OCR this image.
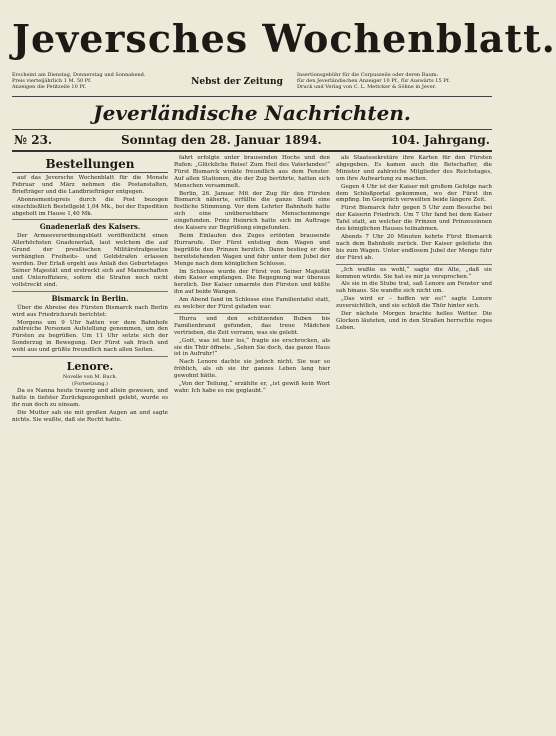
Jeversches Wochenblatt.
Erscheint am Dienstag, Donnerstag und Sonnabend.
Preis vierteljährlich 1 M. 50 Pf.
Anzeigen die Petitzeile 10 Pf.	Nebst der Zeitung
Insertionsgebühr für die Corpuszeile oder deren Raum:
für den Jeverländischen Anzeiger 10 Pf., für Auswärts 15 Pf.
Druck und Verlag von C. L. Mettcker & Söhne in Jever.
Jeverländische Nachrichten.
№ 23.	Sonntag den 28. Januar 1894.	104. Jahrgang.
Bestellungen

auf das Jeversche Wochenblatt für die Monate Februar und März nehmen die Postanstalten, Briefträger und die Landbriefträger entgegen.

Abonnementspreis durch die Post bezogen einschließlich Bestellgeld 1,04 Mk., bei der Expedition abgeholt im Hause 1,40 Mk.

Gnadenerlaß des Kaisers.

Der Armeeverordnungsblatt veröffentlicht einen Allerhöchsten Gnadenerlaß, laut welchem die auf Grund der preußischen Militärstrafgesetze verhängten Freiheits- und Geldstrafen erlassen werden. Der Erlaß ergeht aus Anlaß des Geburtstages Seiner Majestät und erstreckt sich auf Mannschaften und Unteroffiziere, sofern die Strafen noch nicht vollstreckt sind.

Bismarck in Berlin.

Über die Abreise des Fürsten Bismarck nach Berlin wird aus Friedrichsruh berichtet:

Morgens um 9 Uhr hatten vor dem Bahnhofe zahlreiche Personen Aufstellung genommen, um den Fürsten zu begrüßen. Um 11 Uhr setzte sich der Sonderzug in Bewegung. Der Fürst sah frisch und wohl aus und grüßte freundlich nach allen Seiten.

Lenore.
Novelle von M. Buch.
(Fortsetzung.)

Da es Nanna heute traurig und allein gewesen, und hatte in tiefster Zurückgezogenheit gelebt, wurde es ihr nun doch zu einsam.

Die Mutter sah sie mit großen Augen an und sagte nichts. Sie wußte, daß sie Recht hatte.

fahrt erfolgte unter brausenden Hochs und den Rufen: „Glückliche Reise! Zum Heil des Vaterlandes!“ Fürst Bismarck winkte freundlich aus dem Fenster. Auf allen Stationen, die der Zug berührte, hatten sich Menschen versammelt.

Berlin, 26. Januar. Mit der Zug für den Fürsten Bismarck näherte, erfüllte die ganze Stadt eine festliche Stimmung. Vor dem Lehrter Bahnhofe hatte sich eine unübersehbare Menschenmenge eingefunden. Prinz Heinrich hatte sich im Auftrage des Kaisers zur Begrüßung eingefunden.

Beim Einlaufen des Zuges ertönten brausende Hurrarufe. Der Fürst entstieg dem Wagen und begrüßte den Prinzen herzlich. Dann bestieg er den bereitstehenden Wagen und fuhr unter dem Jubel der Menge nach dem königlichen Schlosse.

Im Schlosse wurde der Fürst von Seiner Majestät dem Kaiser empfangen. Die Begegnung war überaus herzlich. Der Kaiser umarmte den Fürsten und küßte ihn auf beide Wangen.

Am Abend fand im Schlosse eine Familientafel statt, zu welcher der Fürst geladen war.

Hurra und den schützenden Buben bis Familienbrand gefunden, das treue Mädchen vertrieben, die Zeit verrann, was sie gelebt.

„Gott, was ist hier los,“ fragte sie erschrocken, als sie die Thür öffnete. „Sehen Sie doch, das ganze Haus ist in Aufruhr!“

Nach Lenore dachte sie jedoch nicht. Sie war so fröhlich, als ob sie ihr ganzes Leben lang hier gewohnt hätte.

„Von der Teilung,“ erzählte er, „ist gewiß kein Wort wahr. Ich habe es nie geglaubt.“

als Staatssekretäre ihre Karten für den Fürsten abgegeben. Es kamen auch die Botschafter, die Minister und zahlreiche Mitglieder des Reichstages, um ihre Aufwartung zu machen.

Gegen 4 Uhr ist der Kaiser mit großem Gefolge nach dem Schloßportal gekommen, wo der Fürst ihn empfing. Im Gespräch verweilten beide längere Zeit.

Fürst Bismarck fuhr gegen 5 Uhr zum Besuche bei der Kaiserin Friedrich. Um 7 Uhr fand bei dem Kaiser Tafel statt, an welcher die Prinzen und Prinzessinnen des königlichen Hauses teilnahmen.

Abends 7 Uhr 20 Minuten kehrte Fürst Bismarck nach dem Bahnhofe zurück. Der Kaiser geleitete ihn bis zum Wagen. Unter endlosem Jubel der Menge fuhr der Fürst ab.

„Ich wußte es wohl,“ sagte die Alte, „daß sie kommen würde. Sie hat es mir ja versprochen.“

Als sie in die Stube trat, saß Lenore am Fenster und sah hinaus. Sie wandte sich nicht um.

„Das wird er – hoffen wir es!“ sagte Lenore zuversichtlich, und sie schloß die Thür hinter sich.

Der nächste Morgen brachte helles Wetter. Die Glocken läuteten, und in den Straßen herrschte reges Leben.
